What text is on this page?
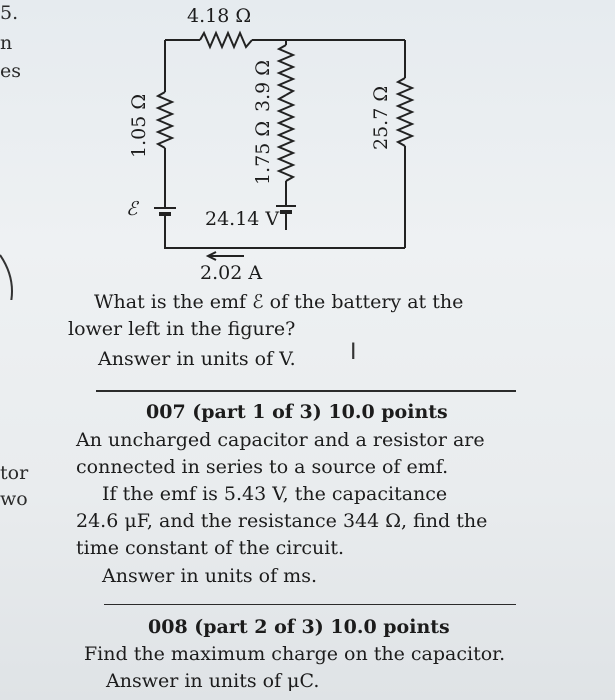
5.
n
es
tor
wo
4.18 Ω
1.05 Ω
3.9 Ω
1.75 Ω
25.7 Ω
ℰ	24.14 V
2.02 A
What is the emf ℰ of the battery at the
lower left in the figure?
Answer in units of V. I
007 (part 1 of 3) 10.0 points
An uncharged capacitor and a resistor are
connected in series to a source of emf.
If the emf is 5.43 V, the capacitance
24.6 μF, and the resistance 344 Ω, find the
time constant of the circuit.
Answer in units of ms.
008 (part 2 of 3) 10.0 points
Find the maximum charge on the capacitor.
Answer in units of μC.
